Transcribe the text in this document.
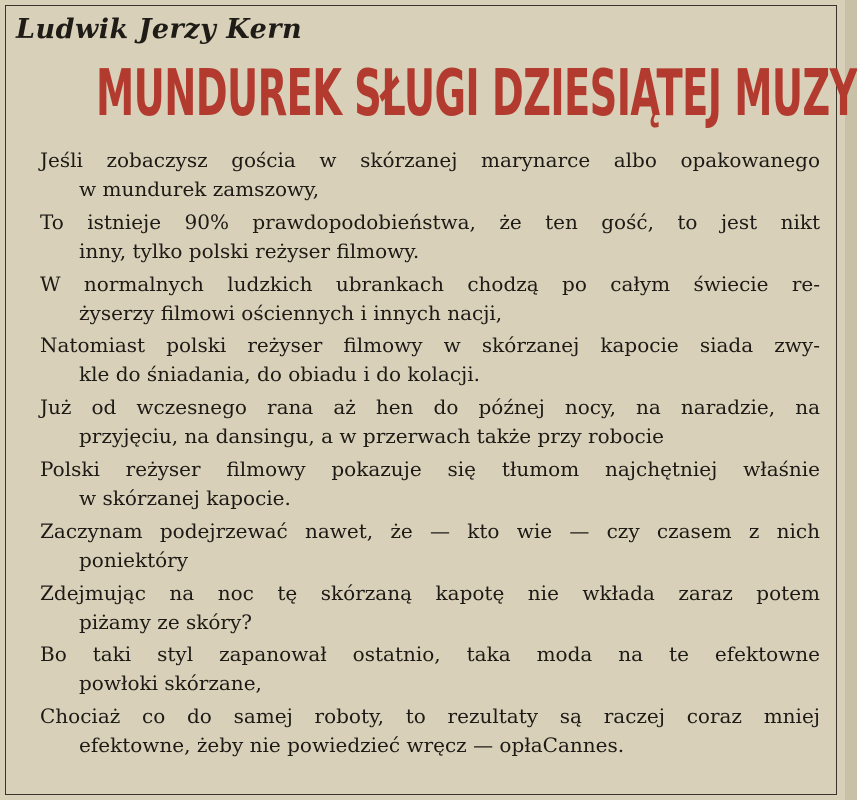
Ludwik Jerzy Kern
MUNDUREK SŁUGI DZIESIĄTEJ MUZY
Jeśli zobaczysz gościa w skórzanej marynarce albo opakowanego
w mundurek zamszowy,
To istnieje 90% prawdopodobieństwa, że ten gość, to jest nikt
inny, tylko polski reżyser filmowy.
W normalnych ludzkich ubrankach chodzą po całym świecie re-
żyserzy filmowi ościennych i innych nacji,
Natomiast polski reżyser filmowy w skórzanej kapocie siada zwy-
kle do śniadania, do obiadu i do kolacji.
Już od wczesnego rana aż hen do późnej nocy, na naradzie, na
przyjęciu, na dansingu, a w przerwach także przy robocie
Polski reżyser filmowy pokazuje się tłumom najchętniej właśnie
w skórzanej kapocie.
Zaczynam podejrzewać nawet, że — kto wie — czy czasem z nich
poniektóry
Zdejmując na noc tę skórzaną kapotę nie wkłada zaraz potem
piżamy ze skóry?
Bo taki styl zapanował ostatnio, taka moda na te efektowne
powłoki skórzane,
Chociaż co do samej roboty, to rezultaty są raczej coraz mniej
efektowne, żeby nie powiedzieć wręcz — opłaCannes.
